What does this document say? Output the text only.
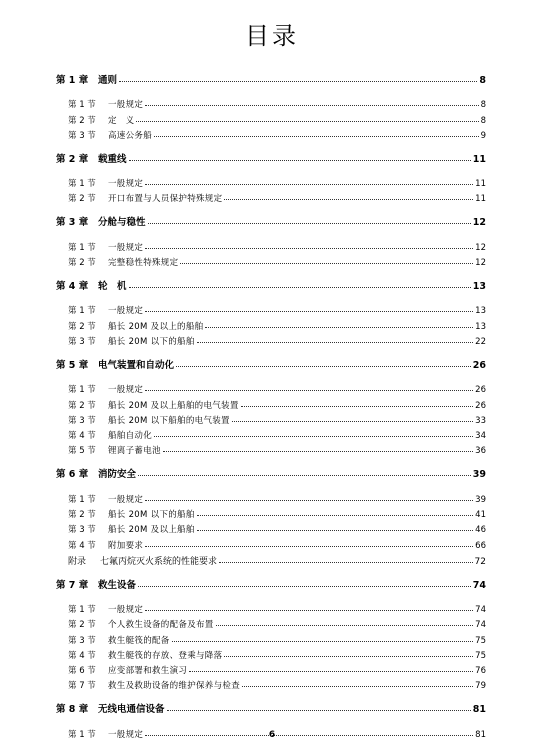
目录
第 1 章	通则	8
第 1 节	一般规定	8
第 2 节	定　义	8
第 3 节	高速公务船	9
第 2 章	载重线	11
第 1 节	一般规定	11
第 2 节	开口布置与人员保护特殊规定	11
第 3 章	分舱与稳性	12
第 1 节	一般规定	12
第 2 节	完整稳性特殊规定	12
第 4 章	轮　机	13
第 1 节	一般规定	13
第 2 节	船长 20M 及以上的船舶	13
第 3 节	船长 20M 以下的船舶	22
第 5 章	电气装置和自动化	26
第 1 节	一般规定	26
第 2 节	船长 20M 及以上船舶的电气装置	26
第 3 节	船长 20M 以下船舶的电气装置	33
第 4 节	船舶自动化	34
第 5 节	锂离子蓄电池	36
第 6 章	消防安全	39
第 1 节	一般规定	39
第 2 节	船长 20M 以下的船舶	41
第 3 节	船长 20M 及以上船舶	46
第 4 节	附加要求	66
附录	七氟丙烷灭火系统的性能要求	72
第 7 章	救生设备	74
第 1 节	一般规定	74
第 2 节	个人救生设备的配备及布置	74
第 3 节	救生艇筏的配备	75
第 4 节	救生艇筏的存放、登乘与降落	75
第 6 节	应变部署和救生演习	76
第 7 节	救生及救助设备的维护保养与检查	79
第 8 章	无线电通信设备	81
第 1 节	一般规定	81
6
